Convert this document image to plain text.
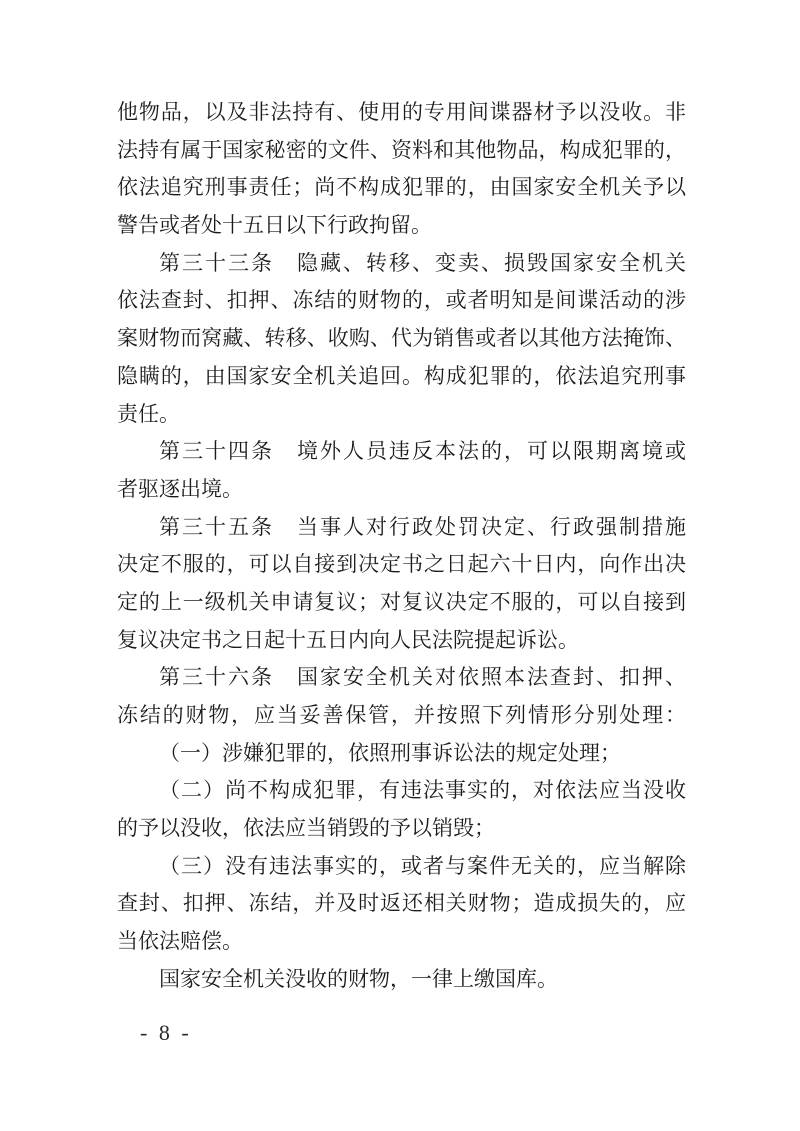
他物品，以及非法持有、使用的专用间谍器材予以没收。非
法持有属于国家秘密的文件、资料和其他物品，构成犯罪的，
依法追究刑事责任；尚不构成犯罪的，由国家安全机关予以
警告或者处十五日以下行政拘留。
第三十三条　隐藏、转移、变卖、损毁国家安全机关
依法查封、扣押、冻结的财物的，或者明知是间谍活动的涉
案财物而窝藏、转移、收购、代为销售或者以其他方法掩饰、
隐瞒的，由国家安全机关追回。构成犯罪的，依法追究刑事
责任。
第三十四条　境外人员违反本法的，可以限期离境或
者驱逐出境。
第三十五条　当事人对行政处罚决定、行政强制措施
决定不服的，可以自接到决定书之日起六十日内，向作出决
定的上一级机关申请复议；对复议决定不服的，可以自接到
复议决定书之日起十五日内向人民法院提起诉讼。
第三十六条　国家安全机关对依照本法查封、扣押、
冻结的财物，应当妥善保管，并按照下列情形分别处理：
（一）涉嫌犯罪的，依照刑事诉讼法的规定处理；
（二）尚不构成犯罪，有违法事实的，对依法应当没收
的予以没收，依法应当销毁的予以销毁；
（三）没有违法事实的，或者与案件无关的，应当解除
查封、扣押、冻结，并及时返还相关财物；造成损失的，应
当依法赔偿。
国家安全机关没收的财物，一律上缴国库。
- 8 -
